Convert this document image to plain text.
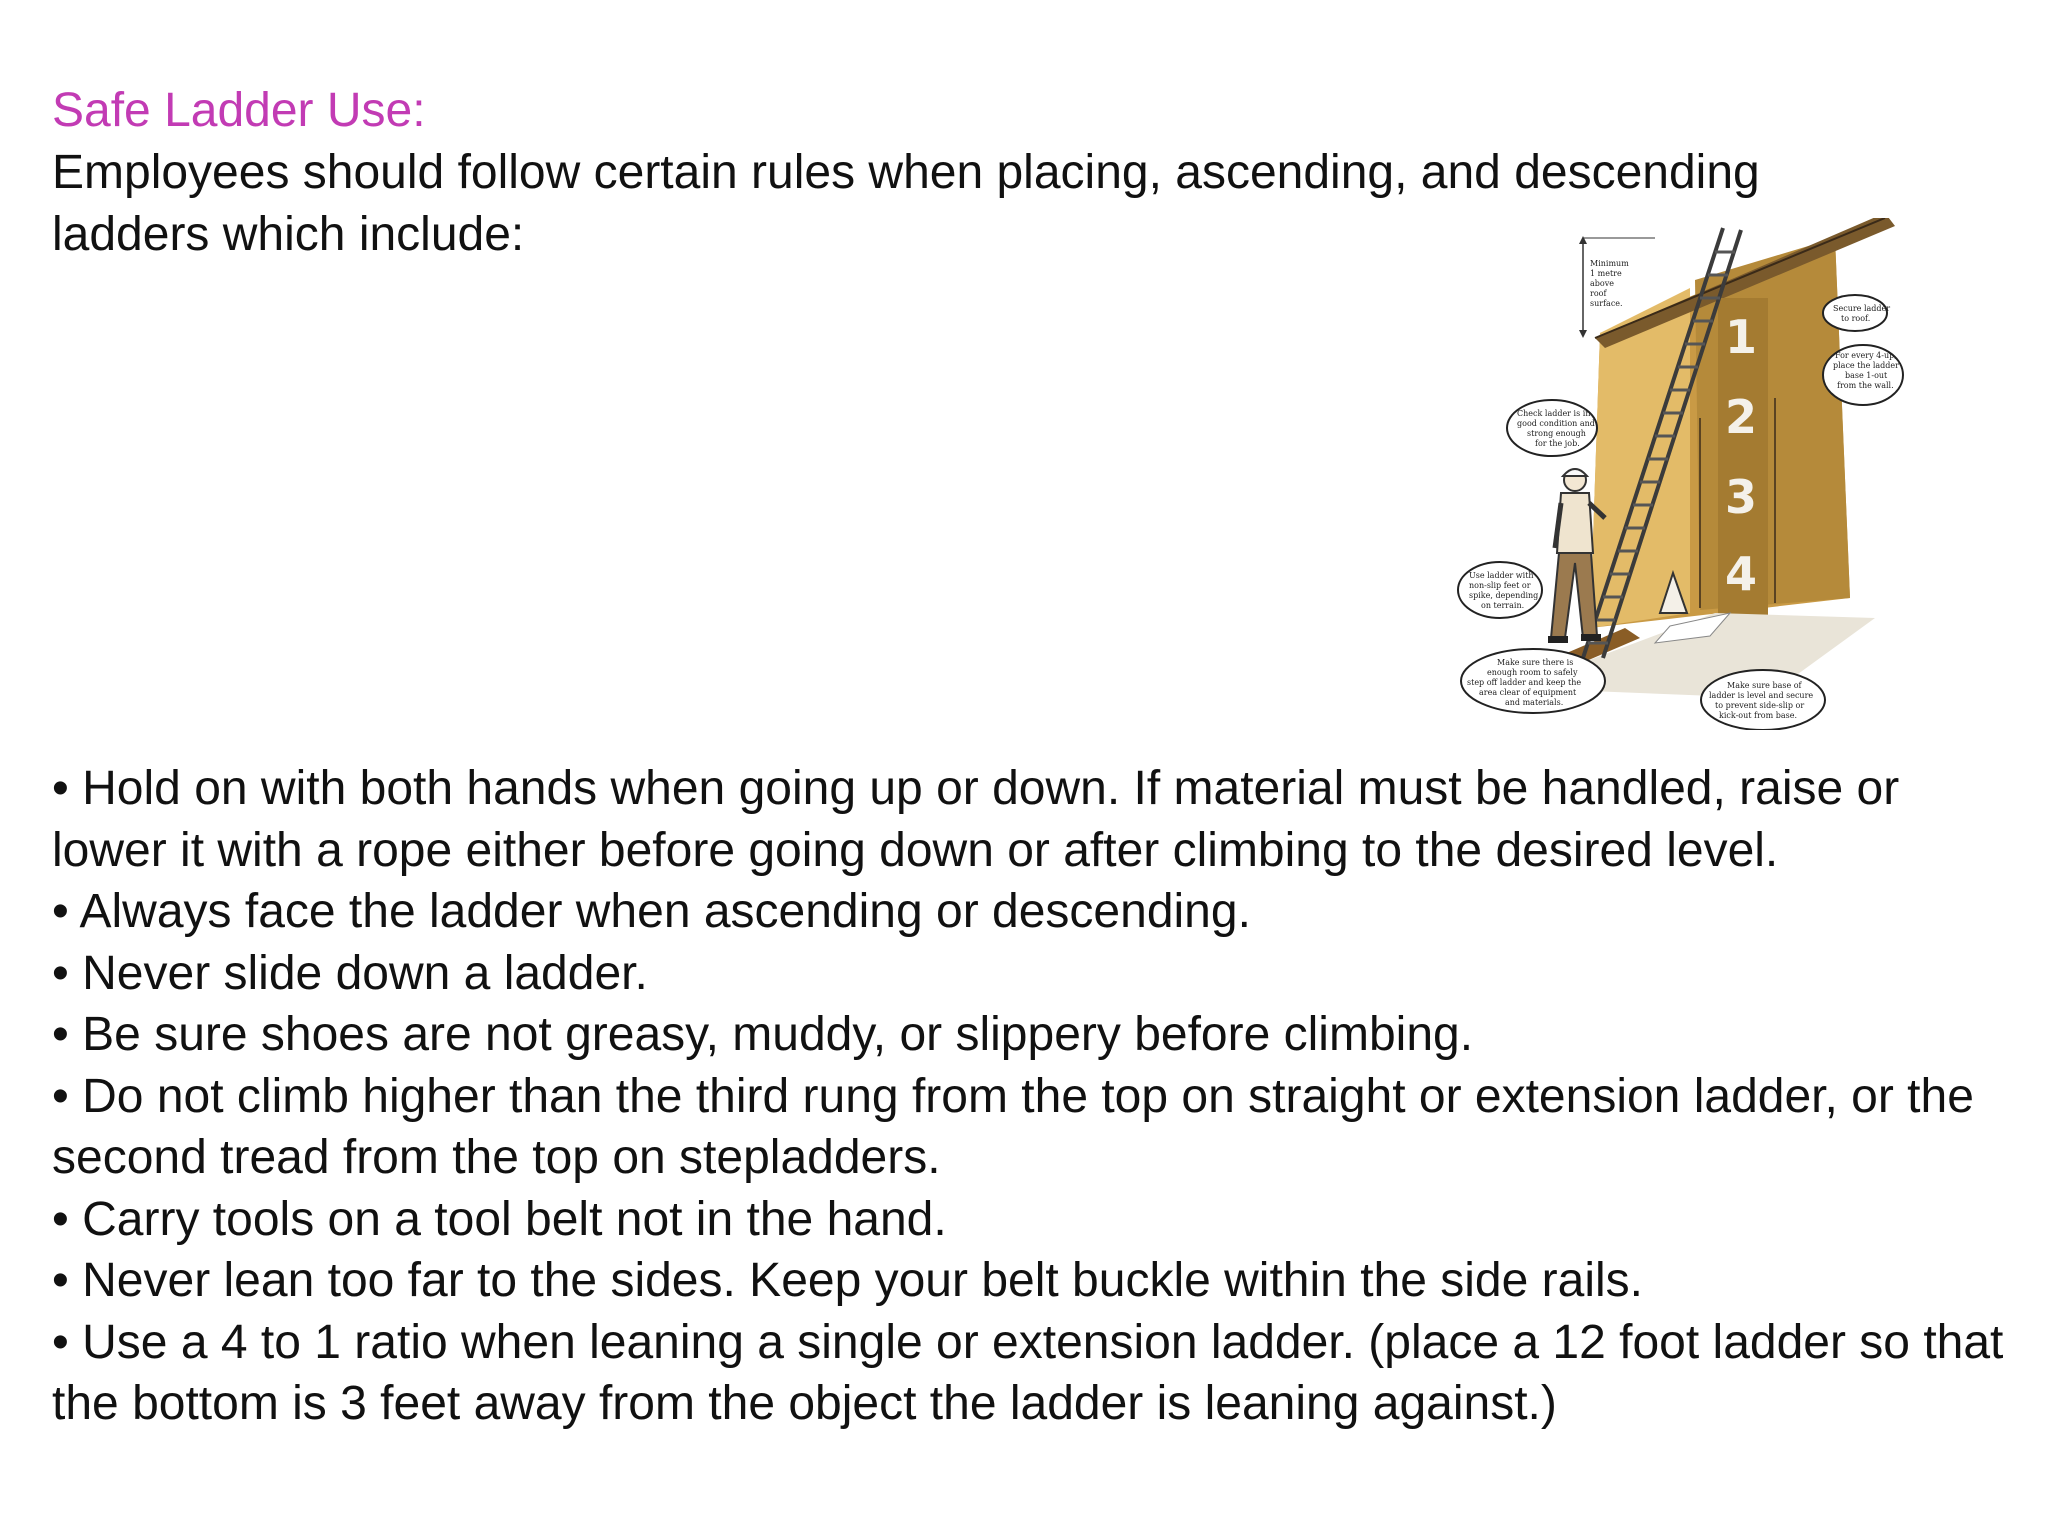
Safe Ladder Use:
Employees should follow certain rules when placing, ascending, and descending ladders which include:
1
2
3
4
Minimum
1 metre
above
roof
surface.
Secure ladder
to roof.
For every 4-up,
place the ladder
base 1-out
from the wall.
Check ladder is in
good condition and
strong enough
for the job.
Use ladder with
non-slip feet or
spike, depending
on terrain.
Make sure there is
enough room to safely
step off ladder and keep the
area clear of equipment
and materials.
Make sure base of
ladder is level and secure
to prevent side-slip or
kick-out from base.

• Hold on with both hands when going up or down. If material must be handled, raise or lower it with a rope either before going down or after climbing to the desired level.

• Always face the ladder when ascending or descending.

• Never slide down a ladder.

• Be sure shoes are not greasy, muddy, or slippery before climbing.

• Do not climb higher than the third rung from the top on straight or extension ladder, or the second tread from the top on stepladders.

• Carry tools on a tool belt not in the hand.

• Never lean too far to the sides. Keep your belt buckle within the side rails.

• Use a 4 to 1 ratio when leaning a single or extension ladder. (place a 12 foot ladder so that the bottom is 3 feet away from the object the ladder is leaning against.)
